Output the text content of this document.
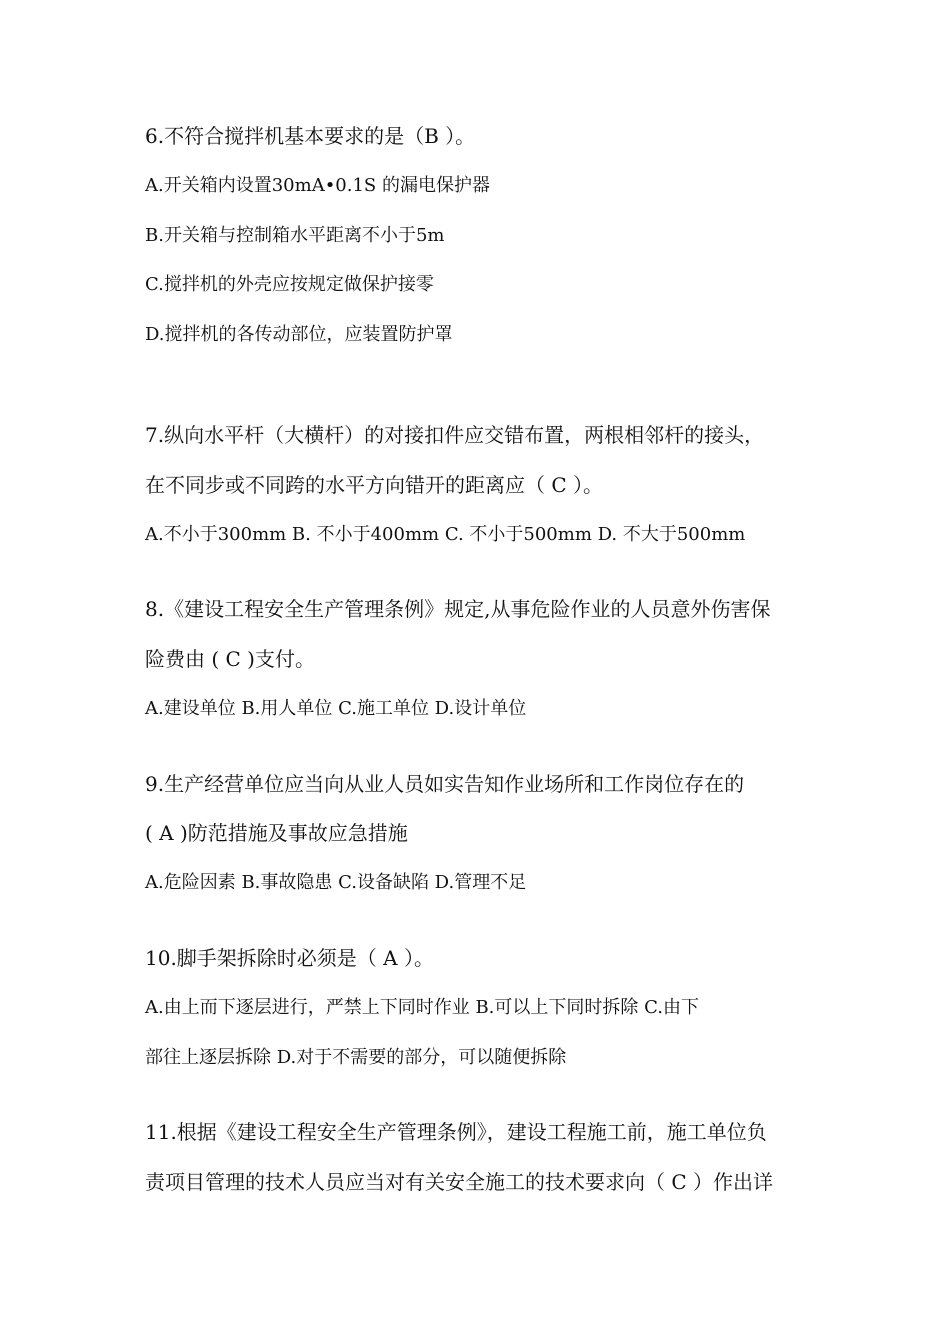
6.不符合搅拌机基本要求的是（B ）。
A.开关箱内设置30mA•0.1S 的漏电保护器
B.开关箱与控制箱水平距离不小于5m
C.搅拌机的外壳应按规定做保护接零
D.搅拌机的各传动部位，应装置防护罩
7.纵向水平杆（大横杆）的对接扣件应交错布置，两根相邻杆的接头，
在不同步或不同跨的水平方向错开的距离应（ C ）。
A.不小于300mm B. 不小于400mm C. 不小于500mm D. 不大于500mm
8.《建设工程安全生产管理条例》规定,从事危险作业的人员意外伤害保
险费由 ( C )支付。
A.建设单位 B.用人单位 C.施工单位 D.设计单位
9.生产经营单位应当向从业人员如实告知作业场所和工作岗位存在的
( A )防范措施及事故应急措施
A.危险因素 B.事故隐患 C.设备缺陷 D.管理不足
10.脚手架拆除时必须是（ A ）。
A.由上而下逐层进行，严禁上下同时作业 B.可以上下同时拆除 C.由下
部往上逐层拆除 D.对于不需要的部分，可以随便拆除
11.根据《建设工程安全生产管理条例》，建设工程施工前，施工单位负
责项目管理的技术人员应当对有关安全施工的技术要求向（ C ）作出详
